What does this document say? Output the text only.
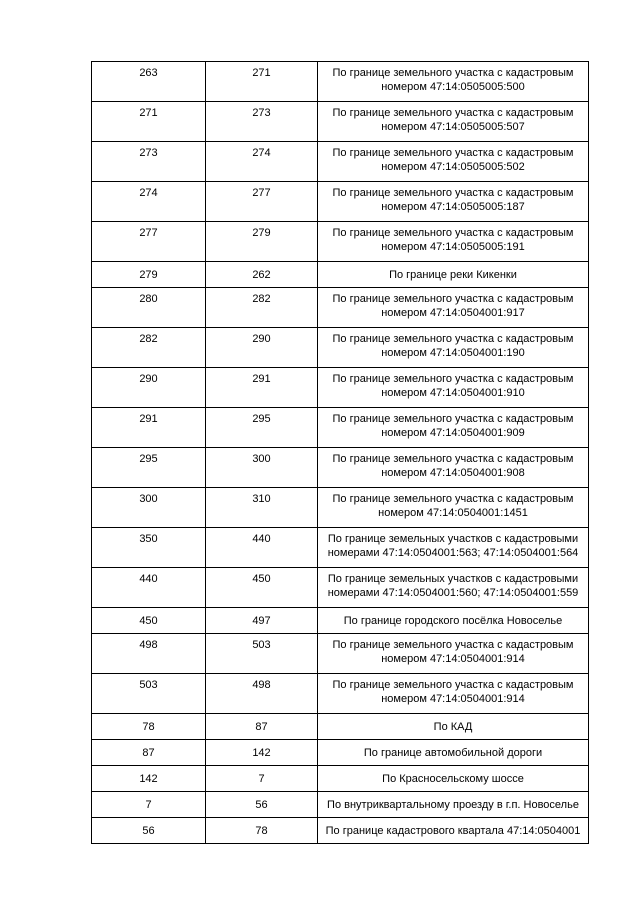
263	271	По границе земельного участка с кадастровым номером 47:14:0505005:500
271	273	По границе земельного участка с кадастровым номером 47:14:0505005:507
273	274	По границе земельного участка с кадастровым номером 47:14:0505005:502
274	277	По границе земельного участка с кадастровым номером 47:14:0505005:187
277	279	По границе земельного участка с кадастровым номером 47:14:0505005:191
279	262	По границе реки Кикенки
280	282	По границе земельного участка с кадастровым номером 47:14:0504001:917
282	290	По границе земельного участка с кадастровым номером 47:14:0504001:190
290	291	По границе земельного участка с кадастровым номером 47:14:0504001:910
291	295	По границе земельного участка с кадастровым номером 47:14:0504001:909
295	300	По границе земельного участка с кадастровым номером 47:14:0504001:908
300	310	По границе земельного участка с кадастровым номером 47:14:0504001:1451
350	440	По границе земельных участков с кадастровыми номерами 47:14:0504001:563; 47:14:0504001:564
440	450	По границе земельных участков с кадастровыми номерами 47:14:0504001:560; 47:14:0504001:559
450	497	По границе городского посёлка Новоселье
498	503	По границе земельного участка с кадастровым номером 47:14:0504001:914
503	498	По границе земельного участка с кадастровым номером 47:14:0504001:914
78	87	По КАД
87	142	По границе автомобильной дороги
142	7	По Красносельскому шоссе
7	56	По внутриквартальному проезду в г.п. Новоселье
56	78	По границе кадастрового квартала 47:14:0504001
